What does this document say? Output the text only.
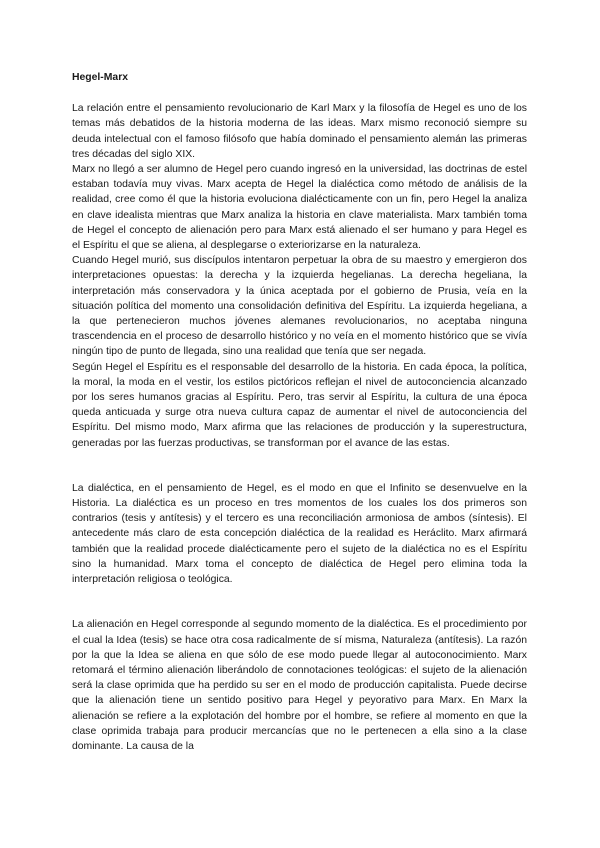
Hegel-Marx

La relación entre el pensamiento revolucionario de Karl Marx y la filosofía de Hegel es uno de los temas más debatidos de la historia moderna de las ideas. Marx mismo reconoció siempre su deuda intelectual con el famoso filósofo que había dominado el pensamiento alemán las primeras tres décadas del siglo XIX.

Marx no llegó a ser alumno de Hegel pero cuando ingresó en la universidad, las doctrinas de estel estaban todavía muy vivas. Marx acepta de Hegel la dialéctica como método de análisis de la realidad, cree como él que la historia evoluciona dialécticamente con un fin, pero Hegel la analiza en clave idealista mientras que Marx analiza la historia en clave materialista. Marx también toma de Hegel el concepto de alienación pero para Marx está alienado el ser humano y para Hegel es el Espíritu el que se aliena, al desplegarse o exteriorizarse en la naturaleza.

Cuando Hegel murió, sus discípulos intentaron perpetuar la obra de su maestro y emergieron dos interpretaciones opuestas: la derecha y la izquierda hegelianas. La derecha hegeliana, la interpretación más conservadora y la única aceptada por el gobierno de Prusia, veía en la situación política del momento una consolidación definitiva del Espíritu. La izquierda hegeliana, a la que pertenecieron muchos jóvenes alemanes revolucionarios, no aceptaba ninguna trascendencia en el proceso de desarrollo histórico y no veía en el momento histórico que se vivía ningún tipo de punto de llegada, sino una realidad que tenía que ser negada.

Según Hegel el Espíritu es el responsable del desarrollo de la historia. En cada época, la política, la moral, la moda en el vestir, los estilos pictóricos reflejan el nivel de autoconciencia alcanzado por los seres humanos gracias al Espíritu. Pero, tras servir al Espíritu, la cultura de una época queda anticuada y surge otra nueva cultura capaz de aumentar el nivel de autoconciencia del Espíritu. Del mismo modo, Marx afirma que las relaciones de producción y la superestructura, generadas por las fuerzas productivas, se transforman por el avance de las estas.

La dialéctica, en el pensamiento de Hegel, es el modo en que el Infinito se desenvuelve en la Historia. La dialéctica es un proceso en tres momentos de los cuales los dos primeros son contrarios (tesis y antítesis) y el tercero es una reconciliación armoniosa de ambos (síntesis). El antecedente más claro de esta concepción dialéctica de la realidad es Heráclito. Marx afirmará también que la realidad procede dialécticamente pero el sujeto de la dialéctica no es el Espíritu sino la humanidad. Marx toma el concepto de dialéctica de Hegel pero elimina toda la interpretación religiosa o teológica.

La alienación en Hegel corresponde al segundo momento de la dialéctica. Es el procedimiento por el cual la Idea (tesis) se hace otra cosa radicalmente de sí misma, Naturaleza (antítesis). La razón por la que la Idea se aliena en que sólo de ese modo puede llegar al autoconocimiento. Marx retomará el término alienación liberándolo de connotaciones teológicas: el sujeto de la alienación será la clase oprimida que ha perdido su ser en el modo de producción capitalista. Puede decirse que la alienación tiene un sentido positivo para Hegel y peyorativo para Marx. En Marx la alienación se refiere a la explotación del hombre por el hombre, se refiere al momento en que la clase oprimida trabaja para producir mercancías que no le pertenecen a ella sino a la clase dominante. La causa de la
